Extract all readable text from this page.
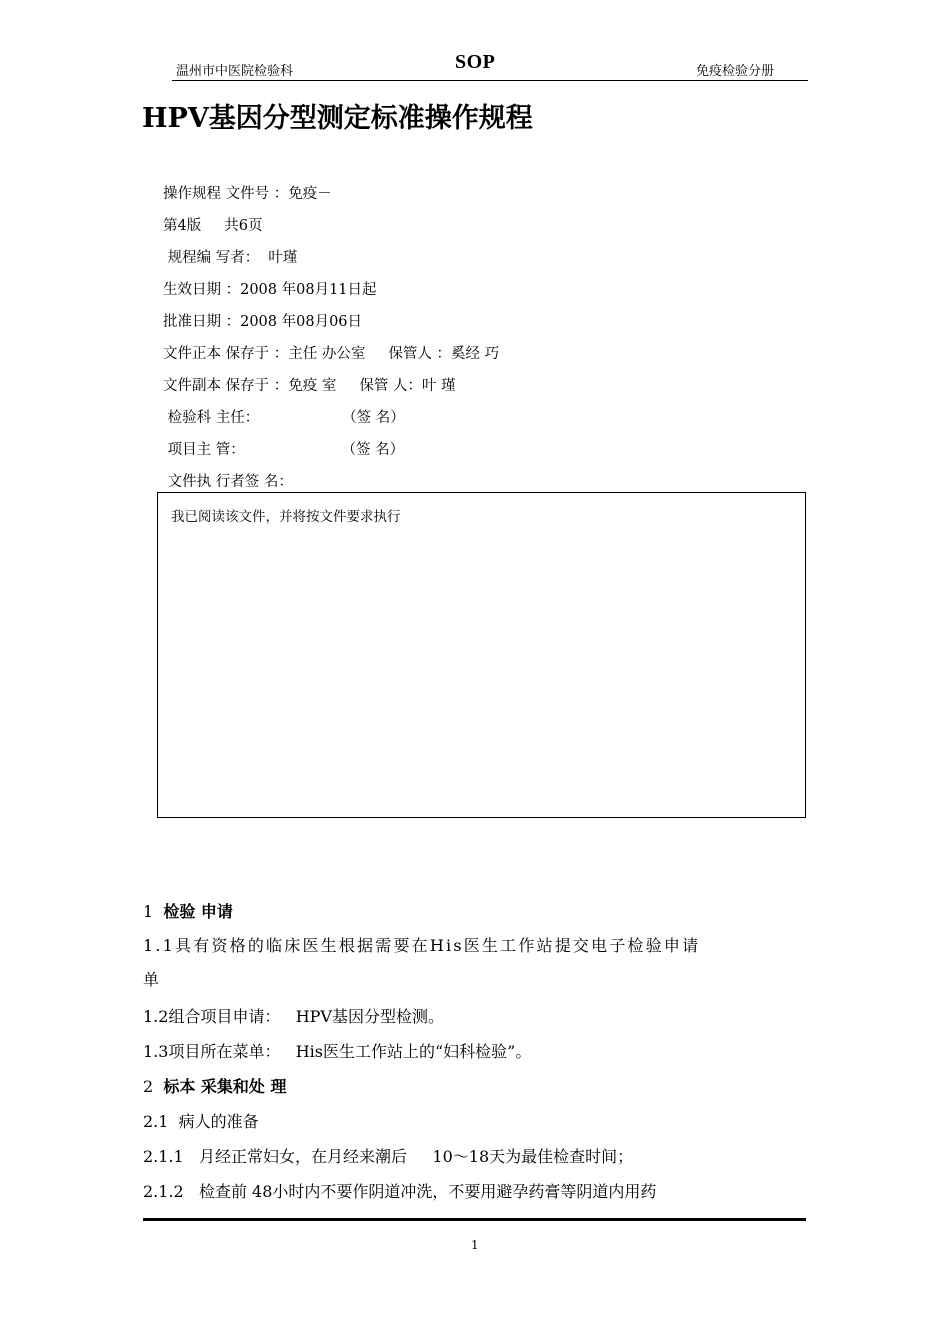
温州市中医院检验科	SOP	免疫检验分册
HPV基因分型测定标准操作规程
操作规程 文件号 ：免疫－
第4版     共6页
规程编 写者：  叶瑾
生效日期 ：2008 年08月11日起
批准日期 ：2008 年08月06日
文件正本 保存于 ：主任 办公室     保管人 ：奚经 巧
文件副本 保存于 ：免疫 室     保管 人：叶 瑾
检验科 主任：                  （签 名）
项目主 管：                     （签 名）
文件执 行者签 名：
我已阅读该文件，并将按文件要求执行
1  检验 申请
1.1具有资格的临床医生根据需要在His医生工作站提交电子检验申请
单
1.2组合项目申请：   HPV基因分型检测。
1.3项目所在菜单：   His医生工作站上的“妇科检验”。
2  标本 采集和处 理
2.1  病人的准备
2.1.1   月经正常妇女，在月经来潮后     10～18天为最佳检查时间；
2.1.2   检查前 48小时内不要作阴道冲洗，不要用避孕药膏等阴道内用药
1
